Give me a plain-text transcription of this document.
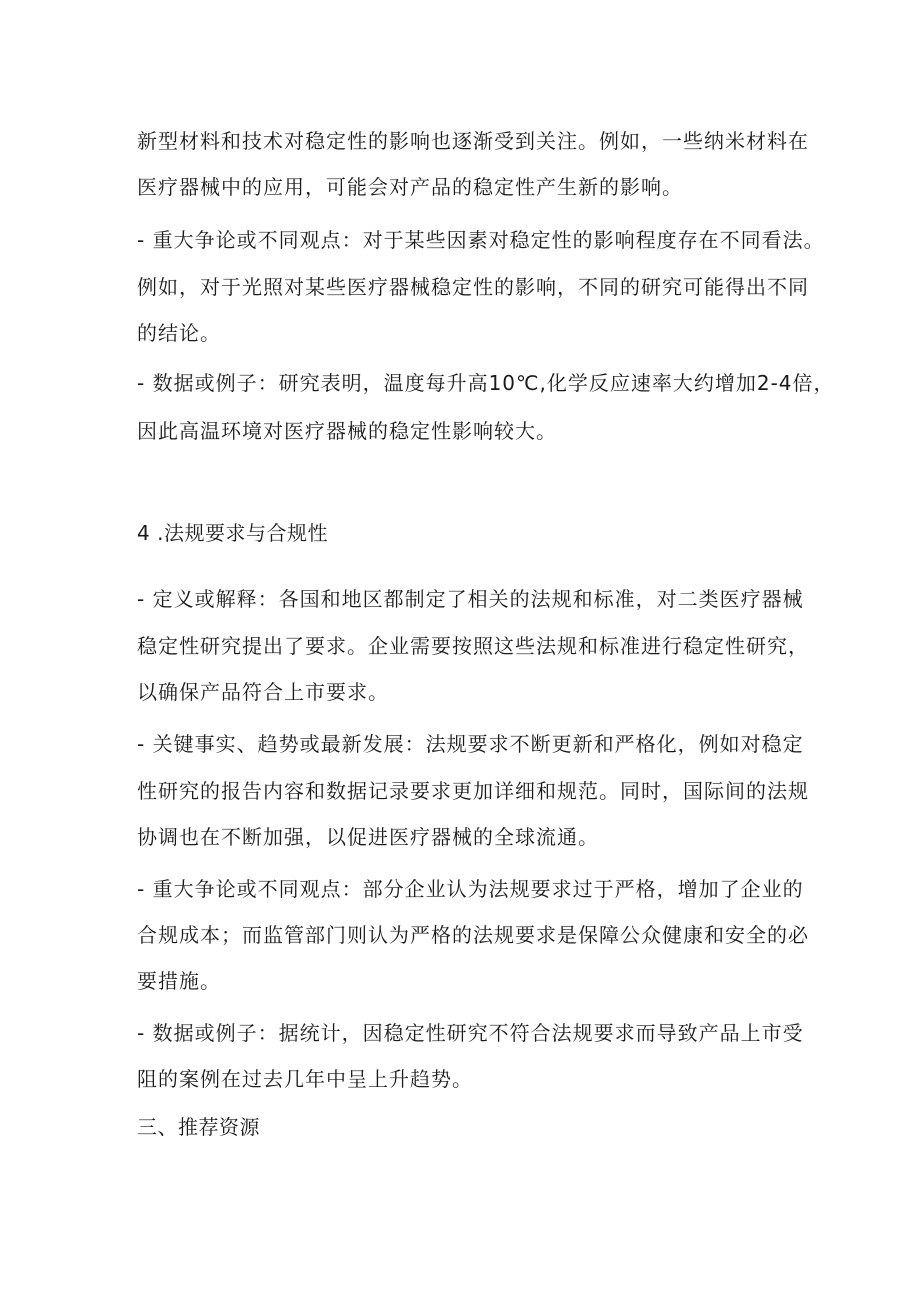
新型材料和技术对稳定性的影响也逐渐受到关注。例如，一些纳米材料在
医疗器械中的应用，可能会对产品的稳定性产生新的影响。
- 重大争论或不同观点：对于某些因素对稳定性的影响程度存在不同看法。
例如，对于光照对某些医疗器械稳定性的影响，不同的研究可能得出不同
的结论。
- 数据或例子：研究表明，温度每升高10℃,化学反应速率大约增加2-4倍，
因此高温环境对医疗器械的稳定性影响较大。
4 .法规要求与合规性
- 定义或解释：各国和地区都制定了相关的法规和标准，对二类医疗器械
稳定性研究提出了要求。企业需要按照这些法规和标准进行稳定性研究，
以确保产品符合上市要求。
- 关键事实、趋势或最新发展：法规要求不断更新和严格化，例如对稳定
性研究的报告内容和数据记录要求更加详细和规范。同时，国际间的法规
协调也在不断加强，以促进医疗器械的全球流通。
- 重大争论或不同观点：部分企业认为法规要求过于严格，增加了企业的
合规成本；而监管部门则认为严格的法规要求是保障公众健康和安全的必
要措施。
- 数据或例子：据统计，因稳定性研究不符合法规要求而导致产品上市受
阻的案例在过去几年中呈上升趋势。
三、推荐资源
